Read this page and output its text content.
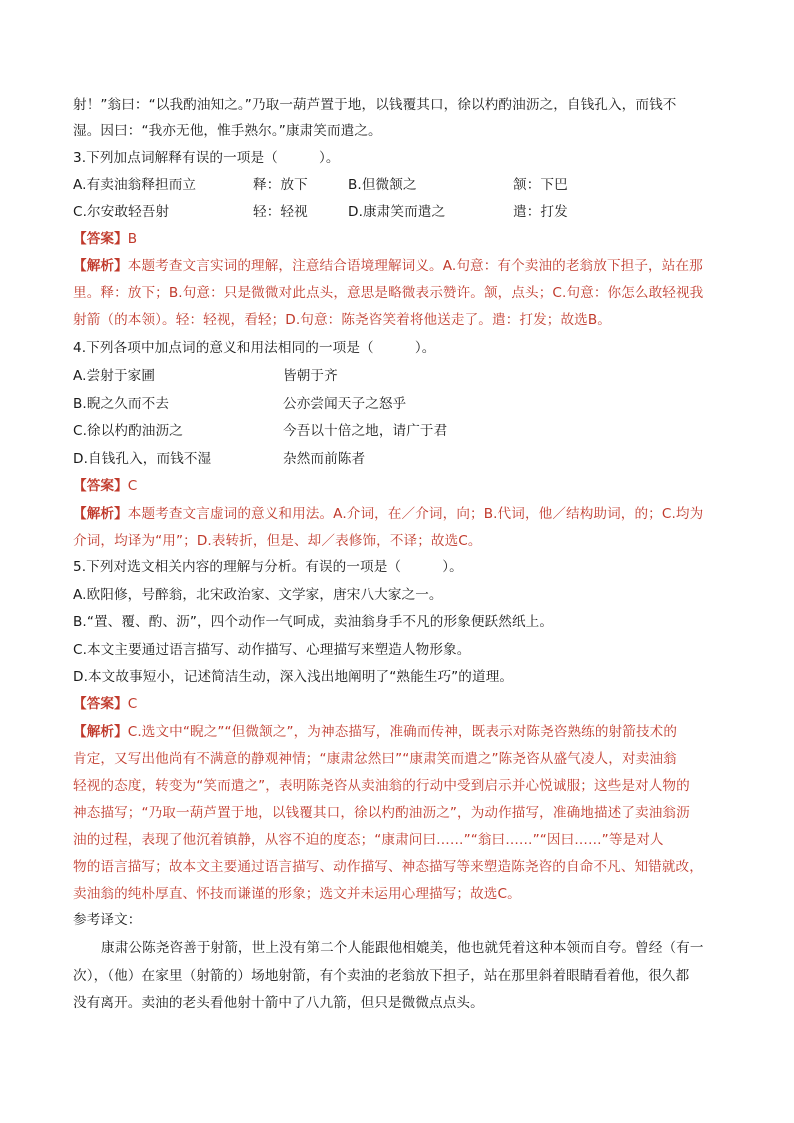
射！”翁曰：“以我酌油知之。”乃取一葫芦置于地，以钱覆其口，徐以杓酌油沥之，自钱孔入，而钱不
湿。因曰：“我亦无他，惟手熟尔。”康肃笑而遣之。
3.下列加点词解释有误的一项是（　　　）。
A.有卖油翁释担而立	释：放下	B.但微颔之	颔：下巴
C.尔安敢轻吾射	轻：轻视	D.康肃笑而遣之	遣：打发
【答案】B
【解析】本题考查文言实词的理解，注意结合语境理解词义。A.句意：有个卖油的老翁放下担子，站在那
里。释：放下；B.句意：只是微微对此点头，意思是略微表示赞许。颔，点头；C.句意：你怎么敢轻视我
射箭（的本领）。轻：轻视，看轻；D.句意：陈尧咨笑着将他送走了。遣：打发；故选B。
4.下列各项中加点词的意义和用法相同的一项是（　　　）。
A.尝射于家圃	皆朝于齐
B.睨之久而不去	公亦尝闻天子之怒乎
C.徐以杓酌油沥之	今吾以十倍之地，请广于君
D.自钱孔入，而钱不湿	杂然而前陈者
【答案】C
【解析】本题考查文言虚词的意义和用法。A.介词，在／介词，向；B.代词，他／结构助词，的；C.均为
介词，均译为“用”；D.表转折，但是、却／表修饰，不译；故选C。
5.下列对选文相关内容的理解与分析。有误的一项是（　　　）。
A.欧阳修，号醉翁，北宋政治家、文学家，唐宋八大家之一。
B.“置、覆、酌、沥”，四个动作一气呵成，卖油翁身手不凡的形象便跃然纸上。
C.本文主要通过语言描写、动作描写、心理描写来塑造人物形象。
D.本文故事短小，记述简洁生动，深入浅出地阐明了“熟能生巧”的道理。
【答案】C
【解析】C.选文中“睨之”“但微颔之”，为神态描写，准确而传神，既表示对陈尧咨熟练的射箭技术的
肯定，又写出他尚有不满意的静观神情；“康肃忿然曰”“康肃笑而遣之”陈尧咨从盛气凌人，对卖油翁
轻视的态度，转变为“笑而遣之”，表明陈尧咨从卖油翁的行动中受到启示并心悦诚服；这些是对人物的
神态描写；“乃取一葫芦置于地，以钱覆其口，徐以杓酌油沥之”，为动作描写，准确地描述了卖油翁沥
油的过程，表现了他沉着镇静，从容不迫的度态；“康肃问曰……”“翁曰……”“因曰……”等是对人
物的语言描写；故本文主要通过语言描写、动作描写、神态描写等来塑造陈尧咨的自命不凡、知错就改，
卖油翁的纯朴厚直、怀技而谦谨的形象；选文并未运用心理描写；故选C。
参考译文：
康肃公陈尧咨善于射箭，世上没有第二个人能跟他相媲美，他也就凭着这种本领而自夸。曾经（有一
次），（他）在家里（射箭的）场地射箭，有个卖油的老翁放下担子，站在那里斜着眼睛看着他，很久都
没有离开。卖油的老头看他射十箭中了八九箭，但只是微微点点头。
